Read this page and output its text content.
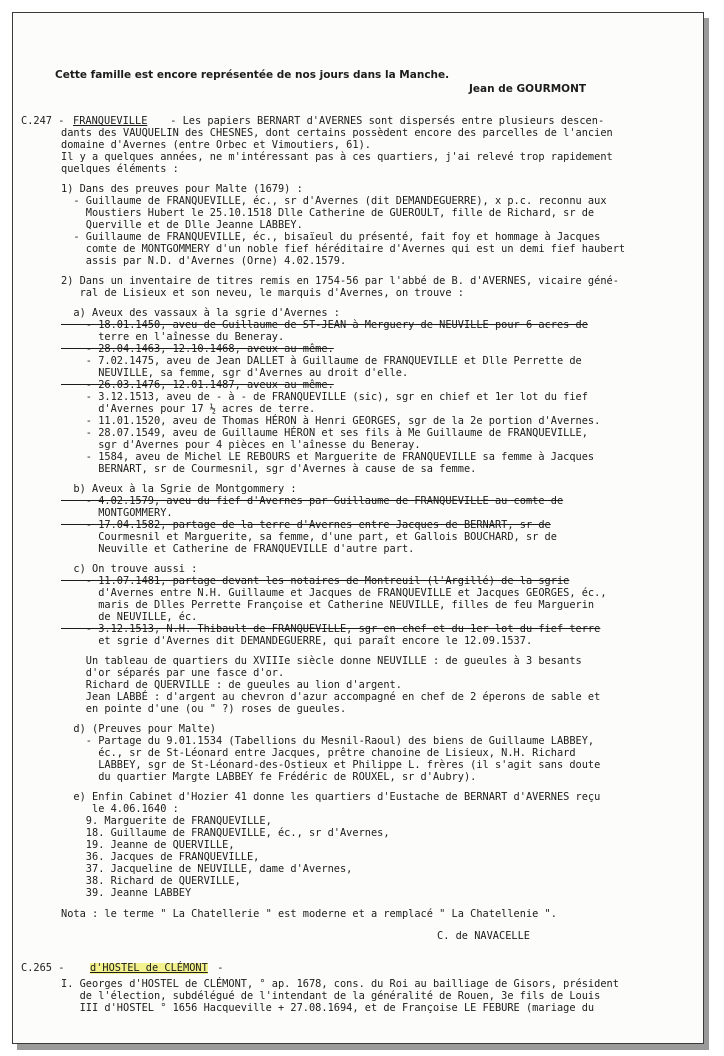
Cette famille est encore représentée de nos jours dans la Manche.
Jean de GOURMONT
C.247 - FRANQUEVILLE - Les papiers BERNART d'AVERNES sont dispersés entre plusieurs descen-
dants des VAUQUELIN des CHESNES, dont certains possèdent encore des parcelles de l'ancien
domaine d'Avernes (entre Orbec et Vimoutiers, 61).
Il y a quelques années, ne m'intéressant pas à ces quartiers, j'ai relevé trop rapidement
quelques éléments :
1) Dans des preuves pour Malte (1679) :
- Guillaume de FRANQUEVILLE, éc., sr d'Avernes (dit DEMANDEGUERRE), x p.c. reconnu aux
Moustiers Hubert le 25.10.1518 Dlle Catherine de GUEROULT, fille de Richard, sr de
Querville et de Dlle Jeanne LABBEY.
- Guillaume de FRANQUEVILLE, éc., bisaïeul du présenté, fait foy et hommage à Jacques
comte de MONTGOMMERY d'un noble fief héréditaire d'Avernes qui est un demi fief haubert
assis par N.D. d'Avernes (Orne) 4.02.1579.
2) Dans un inventaire de titres remis en 1754-56 par l'abbé de B. d'AVERNES, vicaire géné-
ral de Lisieux et son neveu, le marquis d'Avernes, on trouve :
a) Aveux des vassaux à la sgrie d'Avernes :
- 18.01.1450, aveu de Guillaume de ST-JEAN à Merguery de NEUVILLE pour 6 acres de
terre en l'aînesse du Beneray.
- 28.04.1463, 12.10.1468, aveux au même.
- 7.02.1475, aveu de Jean DALLET à Guillaume de FRANQUEVILLE et Dlle Perrette de
NEUVILLE, sa femme, sgr d'Avernes au droit d'elle.
- 26.03.1476, 12.01.1487, aveux au même.
- 3.12.1513, aveu de - à - de FRANQUEVILLE (sic), sgr en chief et 1er lot du fief
d'Avernes pour 17 ½ acres de terre.
- 11.01.1520, aveu de Thomas HÉRON à Henri GEORGES, sgr de la 2e portion d'Avernes.
- 28.07.1549, aveu de Guillaume HÉRON et ses fils à Me Guillaume de FRANQUEVILLE,
sgr d'Avernes pour 4 pièces en l'aînesse du Beneray.
- 1584, aveu de Michel LE REBOURS et Marguerite de FRANQUEVILLE sa femme à Jacques
BERNART, sr de Courmesnil, sgr d'Avernes à cause de sa femme.
b) Aveux à la Sgrie de Montgommery :
- 4.02.1579, aveu du fief d'Avernes par Guillaume de FRANQUEVILLE au comte de
MONTGOMMERY.
- 17.04.1582, partage de la terre d'Avernes entre Jacques de BERNART, sr de
Courmesnil et Marguerite, sa femme, d'une part, et Gallois BOUCHARD, sr de
Neuville et Catherine de FRANQUEVILLE d'autre part.
c) On trouve aussi :
- 11.07.1481, partage devant les notaires de Montreuil (l'Argillé) de la sgrie
d'Avernes entre N.H. Guillaume et Jacques de FRANQUEVILLE et Jacques GEORGES, éc.,
maris de Dlles Perrette Françoise et Catherine NEUVILLE, filles de feu Marguerin
de NEUVILLE, éc.
- 3.12.1513, N.H. Thibault de FRANQUEVILLE, sgr en chef et du 1er lot du fief terre
et sgrie d'Avernes dit DEMANDEGUERRE, qui paraît encore le 12.09.1537.
Un tableau de quartiers du XVIIIe siècle donne NEUVILLE : de gueules à 3 besants
d'or séparés par une fasce d'or.
Richard de QUERVILLE : de gueules au lion d'argent.
Jean LABBÉ : d'argent au chevron d'azur accompagné en chef de 2 éperons de sable et
en pointe d'une (ou " ?) roses de gueules.
d) (Preuves pour Malte)
- Partage du 9.01.1534 (Tabellions du Mesnil-Raoul) des biens de Guillaume LABBEY,
éc., sr de St-Léonard entre Jacques, prêtre chanoine de Lisieux, N.H. Richard
LABBEY, sgr de St-Léonard-des-Ostieux et Philippe L. frères (il s'agit sans doute
du quartier Margte LABBEY fe Frédéric de ROUXEL, sr d'Aubry).
e) Enfin Cabinet d'Hozier 41 donne les quartiers d'Eustache de BERNART d'AVERNES reçu
le 4.06.1640 :
9. Marguerite de FRANQUEVILLE,
18. Guillaume de FRANQUEVILLE, éc., sr d'Avernes,
19. Jeanne de QUERVILLE,
36. Jacques de FRANQUEVILLE,
37. Jacqueline de NEUVILLE, dame d'Avernes,
38. Richard de QUERVILLE,
39. Jeanne LABBEY
Nota : le terme " La Chatellerie " est moderne et a remplacé " La Chatellenie ".
C. de NAVACELLE
C.265 - d'HOSTEL de CLÉMONT -
I. Georges d'HOSTEL de CLÉMONT, ° ap. 1678, cons. du Roi au bailliage de Gisors, président
de l'élection, subdélégué de l'intendant de la généralité de Rouen, 3e fils de Louis
III d'HOSTEL ° 1656 Hacqueville + 27.08.1694, et de Françoise LE FEBURE (mariage du
